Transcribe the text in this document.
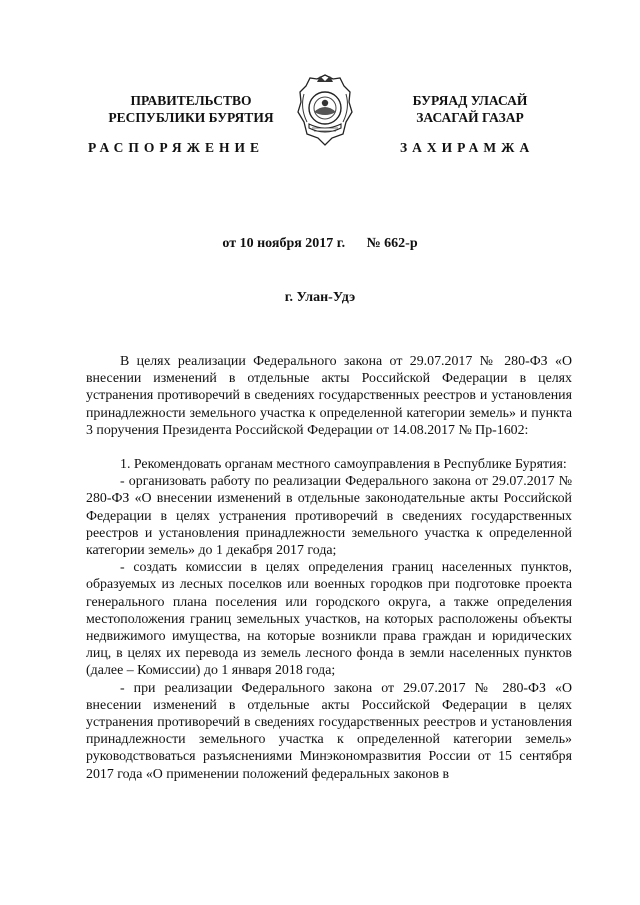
ПРАВИТЕЛЬСТВО
РЕСПУБЛИКИ БУРЯТИЯ
БУРЯАД УЛАСАЙ
ЗАСАГАЙ ГАЗАР
РАСПОРЯЖЕНИЕ	ЗАХИРАМЖА
от 10 ноября 2017 г. № 662-р
г. Улан-Удэ

В целях реализации Федерального закона от 29.07.2017 № 280-ФЗ «О внесении изменений в отдельные акты Российской Федерации в целях устранения противоречий в сведениях государственных реестров и установления принадлежности земельного участка к определенной категории земель» и пункта 3 поручения Президента Российской Федерации от 14.08.2017 № Пр-1602:

1. Рекомендовать органам местного самоуправления в Республике Бурятия:

- организовать работу по реализации Федерального закона от 29.07.2017 № 280-ФЗ «О внесении изменений в отдельные законодательные акты Российской Федерации в целях устранения противоречий в сведениях государственных реестров и установления принадлежности земельного участка к определенной категории земель» до 1 декабря 2017 года;

- создать комиссии в целях определения границ населенных пунктов, образуемых из лесных поселков или военных городков при подготовке проекта генерального плана поселения или городского округа, а также определения местоположения границ земельных участков, на которых расположены объекты недвижимого имущества, на которые возникли права граждан и юридических лиц, в целях их перевода из земель лесного фонда в земли населенных пунктов (далее – Комиссии) до 1 января 2018 года;

- при реализации Федерального закона от 29.07.2017 № 280-ФЗ «О внесении изменений в отдельные акты Российской Федерации в целях устранения противоречий в сведениях государственных реестров и установления принадлежности земельного участка к определенной категории земель» руководствоваться разъяснениями Минэкономразвития России от 15 сентября 2017 года «О применении положений федеральных законов в
